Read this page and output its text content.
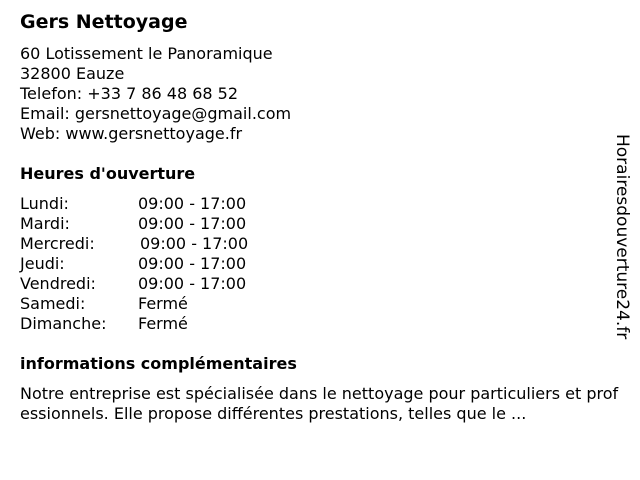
Gers Nettoyage
60 Lotissement le Panoramique
32800 Eauze
Telefon: +33 7 86 48 68 52
Email: gersnettoyage@gmail.com
Web: www.gersnettoyage.fr
Heures d'ouverture
Lundi:	09:00 - 17:00
Mardi:	09:00 - 17:00
Mercredi:	09:00 - 17:00
Jeudi:	09:00 - 17:00
Vendredi:	09:00 - 17:00
Samedi:	Fermé
Dimanche: Fermé
informations complémentaires
Notre entreprise est spécialisée dans le nettoyage pour particuliers et professionnels. Elle propose différentes prestations, telles que le ...
Horairesdouverture24.fr
